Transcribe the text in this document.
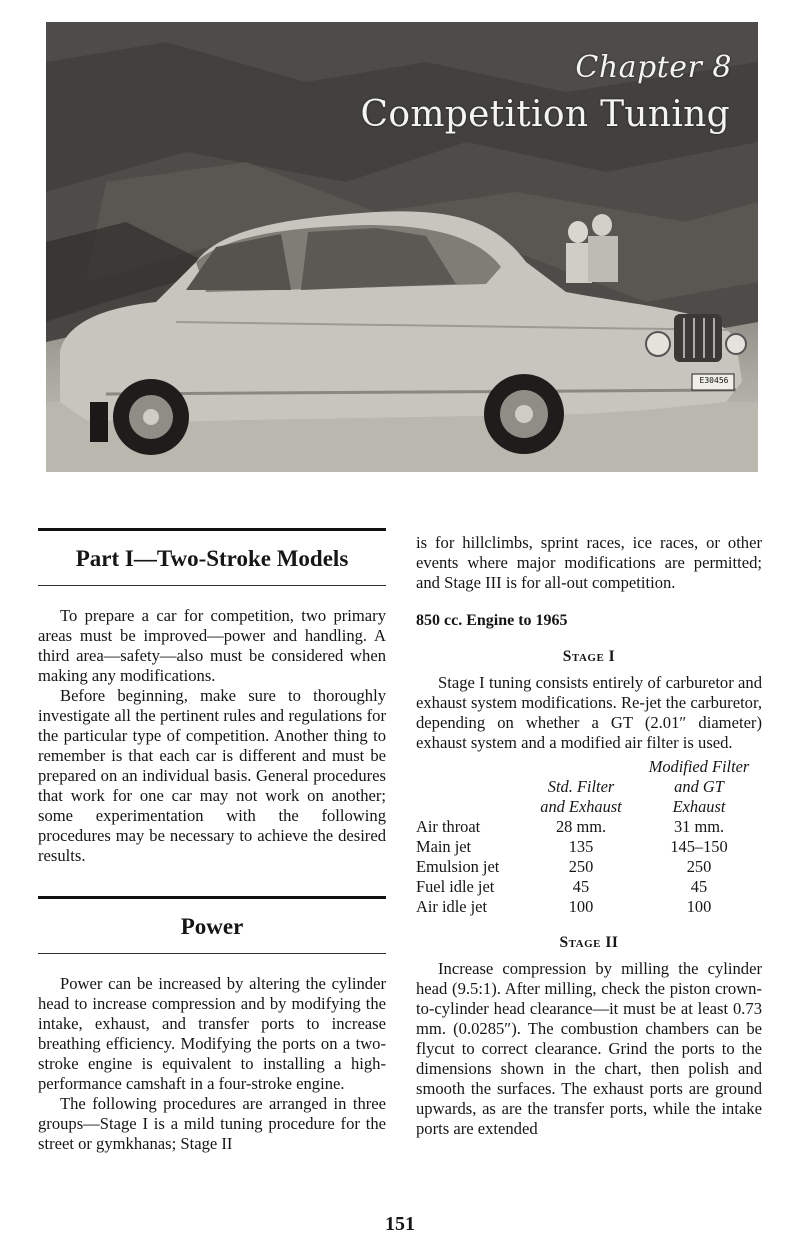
Chapter 8
Competition Tuning
E30456
Part I—Two-Stroke Models

To prepare a car for competition, two primary areas must be improved—power and handling. A third area—safety—also must be considered when making any modifications.

Before beginning, make sure to thoroughly investigate all the pertinent rules and regulations for the particular type of competition. Another thing to remember is that each car is different and must be prepared on an individual basis. General procedures that work for one car may not work on another; some experimentation with the following procedures may be necessary to achieve the desired results.

Power

Power can be increased by altering the cylinder head to increase compression and by modifying the intake, exhaust, and transfer ports to increase breathing efficiency. Modifying the ports on a two-stroke engine is equivalent to installing a high-performance camshaft in a four-stroke engine.

The following procedures are arranged in three groups—Stage I is a mild tuning procedure for the street or gymkhanas; Stage II

is for hillclimbs, sprint races, ice races, or other events where major modifications are permitted; and Stage III is for all-out competition.

850 cc. Engine to 1965
Stage I

Stage I tuning consists entirely of carburetor and exhaust system modifications. Re-jet the carburetor, depending on whether a GT (2.01″ diameter) exhaust system and a modified air filter is used.

		Modified Filter
	Std. Filter	and GT
	and Exhaust	Exhaust
Air throat	28 mm.	31 mm.
Main jet	135	145–150
Emulsion jet	250	250
Fuel idle jet	45	45
Air idle jet	100	100
Stage II

Increase compression by milling the cylinder head (9.5:1). After milling, check the piston crown-to-cylinder head clearance—it must be at least 0.73 mm. (0.0285″). The combustion chambers can be flycut to correct clearance. Grind the ports to the dimensions shown in the chart, then polish and smooth the surfaces. The exhaust ports are ground upwards, as are the transfer ports, while the intake ports are extended

151
